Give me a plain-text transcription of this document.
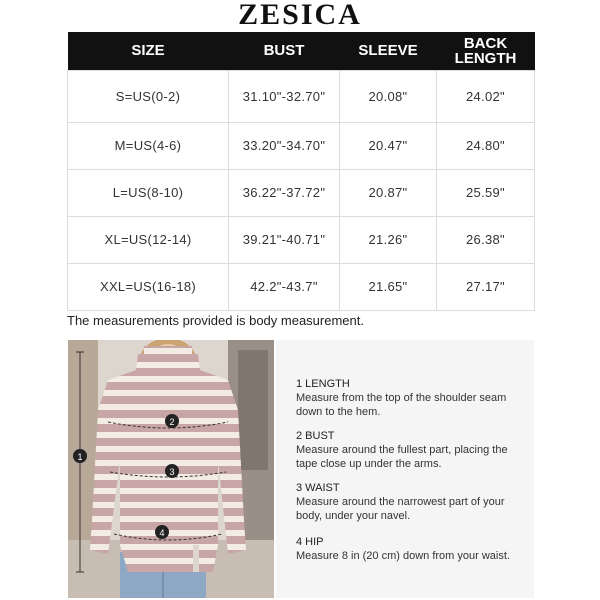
ZESICA
SIZE	BUST	SLEEVE	BACK LENGTH

S=US(0-2)	31.10"-32.70"	20.08"	24.02"
M=US(4-6)	33.20"-34.70"	20.47"	24.80"
L=US(8-10)	36.22"-37.72"	20.87"	25.59"
XL=US(12-14)	39.21"-40.71"	21.26"	26.38"
XXL=US(16-18)	42.2"-43.7"	21.65"	27.17"
The measurements provided is body measurement.
1
2
3
4
1 LENGTH
Measure from the top of the shoulder seam down to the hem.
2 BUST
Measure around the fullest part, placing the tape close up under the arms.
3 WAIST
Measure around the narrowest part of your body, under your navel.
4 HIP
Measure 8 in (20 cm) down from your waist.
